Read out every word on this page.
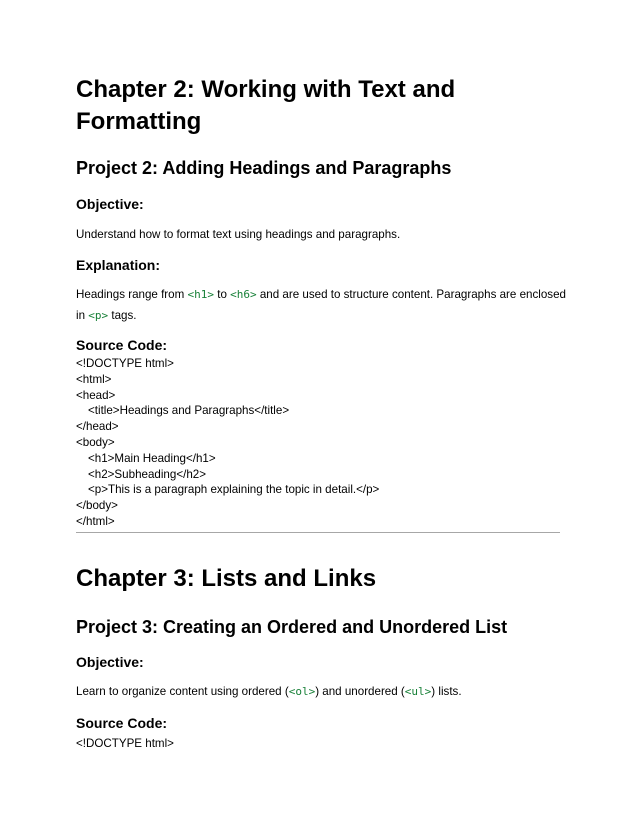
Chapter 2: Working with Text and
Formatting
Project 2: Adding Headings and Paragraphs
Objective:
Understand how to format text using headings and paragraphs.
Explanation:
Headings range from <h1> to <h6> and are used to structure content. Paragraphs are enclosed
in <p> tags.
Source Code:
<!DOCTYPE html>
<html>
<head>
<title>Headings and Paragraphs</title>
</head>
<body>
<h1>Main Heading</h1>
<h2>Subheading</h2>
<p>This is a paragraph explaining the topic in detail.</p>
</body>
</html>
Chapter 3: Lists and Links
Project 3: Creating an Ordered and Unordered List
Objective:
Learn to organize content using ordered (<ol>) and unordered (<ul>) lists.
Source Code:
<!DOCTYPE html>
